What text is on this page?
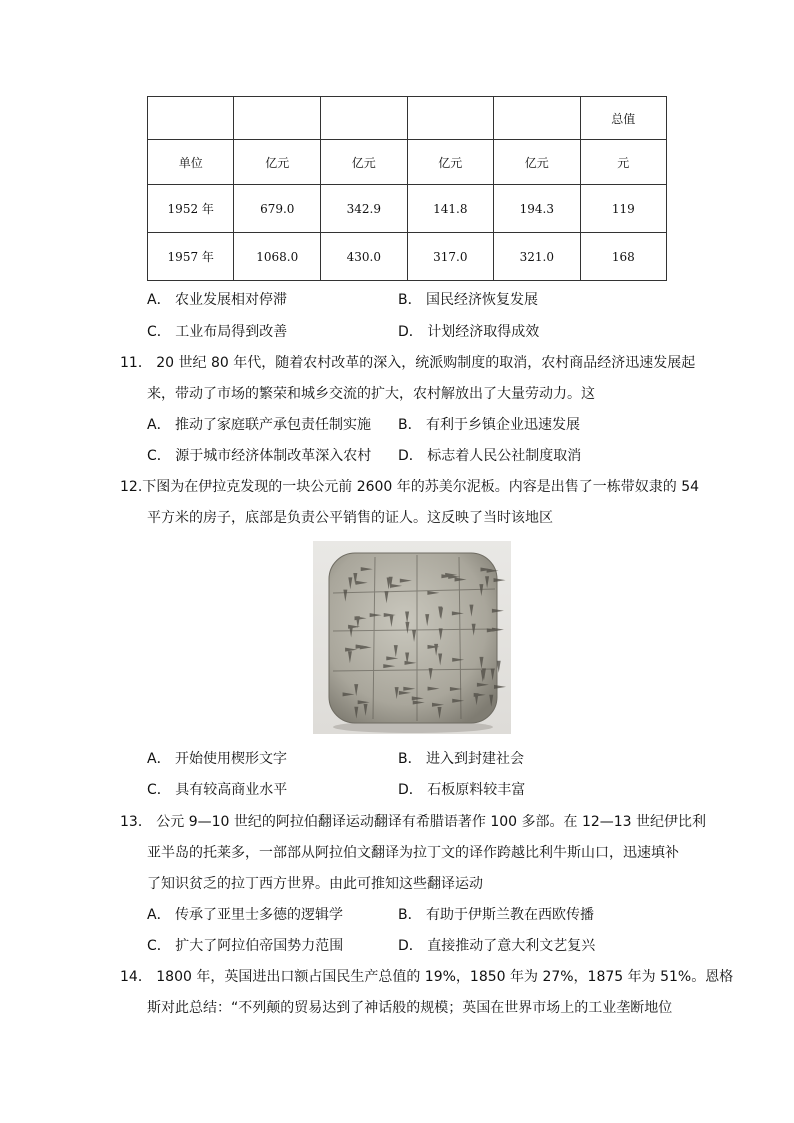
					总值
单位	亿元	亿元	亿元	亿元	元
1952 年	679.0	342.9	141.8	194.3	119
1957 年	1068.0	430.0	317.0	321.0	168
A． 农业发展相对停滞	B． 国民经济恢复发展
C． 工业布局得到改善	D． 计划经济取得成效
11． 20 世纪 80 年代，随着农村改革的深入，统派购制度的取消，农村商品经济迅速发展起
来，带动了市场的繁荣和城乡交流的扩大，农村解放出了大量劳动力。这
A． 推动了家庭联产承包责任制实施 B． 有利于乡镇企业迅速发展
C． 源于城市经济体制改革深入农村 D． 标志着人民公社制度取消
12.下图为在伊拉克发现的一块公元前 2600 年的苏美尔泥板。内容是出售了一栋带奴隶的 54
平方米的房子，底部是负责公平销售的证人。这反映了当时该地区
A． 开始使用楔形文字	B． 进入到封建社会
C． 具有较高商业水平	D． 石板原料较丰富
13． 公元 9—10 世纪的阿拉伯翻译运动翻译有希腊语著作 100 多部。在 12—13 世纪伊比利
亚半岛的托莱多，一部部从阿拉伯文翻译为拉丁文的译作跨越比利牛斯山口，迅速填补
了知识贫乏的拉丁西方世界。由此可推知这些翻译运动
A． 传承了亚里士多德的逻辑学	B． 有助于伊斯兰教在西欧传播
C． 扩大了阿拉伯帝国势力范围	D． 直接推动了意大利文艺复兴
14． 1800 年，英国进出口额占国民生产总值的 19%，1850 年为 27%，1875 年为 51%。恩格
斯对此总结：“不列颠的贸易达到了神话般的规模；英国在世界市场上的工业垄断地位
